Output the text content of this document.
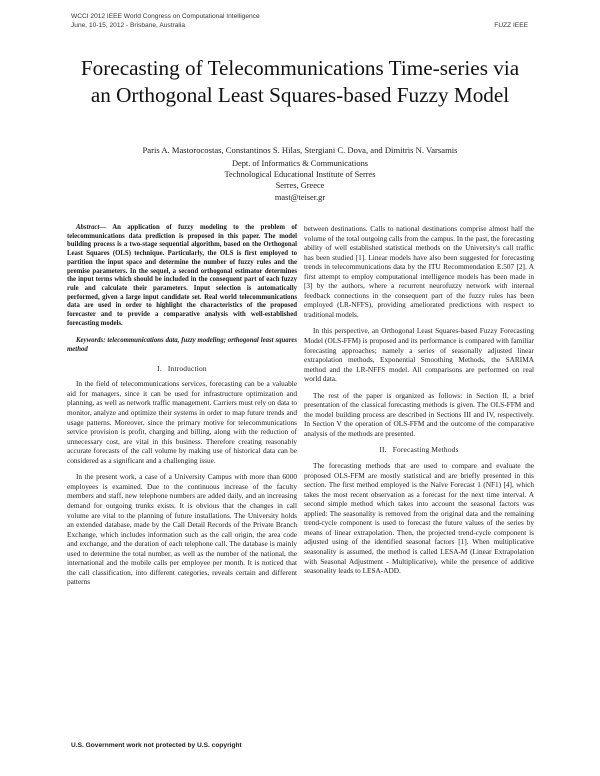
WCCI 2012 IEEE World Congress on Computational Intelligence
June, 10-15, 2012 - Brisbane, Australia	FUZZ IEEE
Forecasting of Telecommunications Time-series via
an Orthogonal Least Squares-based Fuzzy Model
Paris A. Mastorocostas, Constantinos S. Hilas, Stergiani C. Dova, and Dimitris N. Varsamis
Dept. of Informatics & Communications
Technological Educational Institute of Serres
Serres, Greece
mast@teiser.gr

Abstract— An application of fuzzy modeling to the problem of telecommunications data prediction is proposed in this paper. The model building process is a two-stage sequential algorithm, based on the Orthogonal Least Squares (OLS) technique. Particularly, the OLS is first employed to partition the input space and determine the number of fuzzy rules and the premise parameters. In the sequel, a second orthogonal estimator determines the input terms which should be included in the consequent part of each fuzzy rule and calculate their parameters. Input selection is automatically performed, given a large input candidate set. Real world telecommunications data are used in order to highlight the characteristics of the proposed forecaster and to provide a comparative analysis with well-established forecasting models.

Keywords: telecommunications data, fuzzy modeling; orthogonal least squares method

I. Introduction

In the field of telecommunications services, forecasting can be a valuable aid for managers, since it can be used for infrastructure optimization and planning, as well as network traffic management. Carriers must rely on data to monitor, analyze and optimize their systems in order to map future trends and usage patterns. Moreover, since the primary motive for telecommunications service provision is profit, charging and billing, along with the reduction of unnecessary cost, are vital in this business. Therefore creating reasonably accurate forecasts of the call volume by making use of historical data can be considered as a significant and a challenging issue.

In the present work, a case of a University Campus with more than 6000 employees is examined. Due to the continuous increase of the faculty members and staff, new telephone numbers are added daily, and an increasing demand for outgoing trunks exists. It is obvious that the changes in call volume are vital to the planning of future installations. The University holds an extended database, made by the Call Detail Records of the Private Branch Exchange, which includes information such as the call origin, the area code and exchange, and the duration of each telephone call. The database is mainly used to determine the total number, as well as the number of the national, the international and the mobile calls per employee per month. It is noticed that the call classification, into different categories, reveals certain and different patterns

between destinations. Calls to national destinations comprise almost half the volume of the total outgoing calls from the campus. In the past, the forecasting ability of well established statistical methods on the University's call traffic has been studied [1]. Linear models have also been suggested for forecasting trends in telecommunications data by the ITU Recommendation E.507 [2]. A first attempt to employ computational intelligence models has been made in [3] by the authors, where a recurrent neurofuzzy network with internal feedback connections in the consequent part of the fuzzy rules has been employed (LR-NFFS), providing ameliorated predictions with respect to traditional models.

In this perspective, an Orthogonal Least Squares-based Fuzzy Forecasting Model (OLS-FFM) is proposed and its performance is compared with familiar forecasting approaches; namely a series of seasonally adjusted linear extrapolation methods, Exponential Smoothing Methods, the SARIMA method and the LR-NFFS model. All comparisons are performed on real world data.

The rest of the paper is organized as follows: in Section II, a brief presentation of the classical forecasting methods is given. The OLS-FFM and the model building process are described in Sections III and IV, respectively. In Section V the operation of OLS-FFM and the outcome of the comparative analysis of the methods are presented.

II. Forecasting Methods

The forecasting methods that are used to compare and evaluate the proposed OLS-FFM are mostly statistical and are briefly presented in this section. The first method employed is the Naïve Forecast 1 (NF1) [4], which takes the most recent observation as a forecast for the next time interval. A second simple method which takes into account the seasonal factors was applied: The seasonality is removed from the original data and the remaining trend-cycle component is used to forecast the future values of the series by means of linear extrapolation. Then, the projected trend-cycle component is adjusted using of the identified seasonal factors [1]. When multiplicative seasonality is assumed, the method is called LESA-M (Linear Extrapolation with Seasonal Adjustment - Multiplicative), while the presence of additive seasonality leads to LESA-ADD.

U.S. Government work not protected by U.S. copyright
